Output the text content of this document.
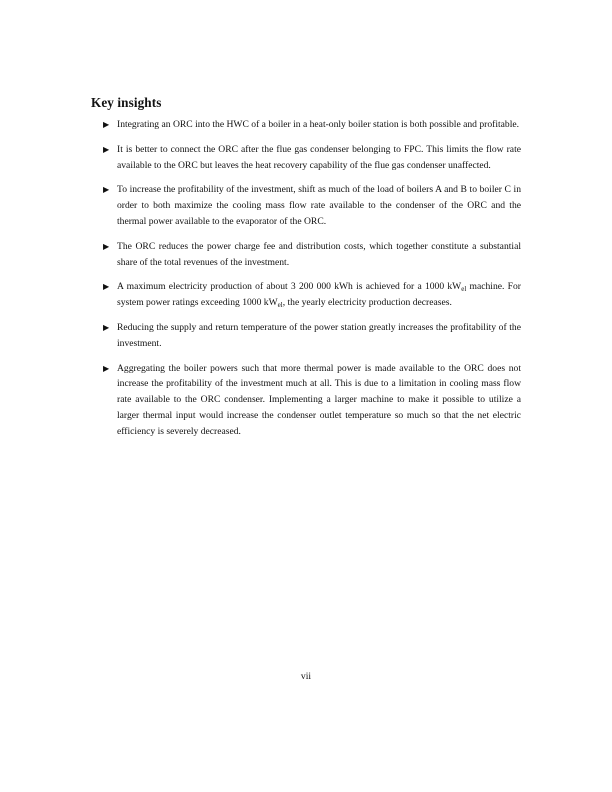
Key insights
▶ Integrating an ORC into the HWC of a boiler in a heat-only boiler station is both possible and profitable.
▶ It is better to connect the ORC after the flue gas condenser belonging to FPC. This limits the flow rate available to the ORC but leaves the heat recovery capability of the flue gas condenser unaffected.
▶ To increase the profitability of the investment, shift as much of the load of boilers A and B to boiler C in order to both maximize the cooling mass flow rate available to the condenser of the ORC and the thermal power available to the evaporator of the ORC.
▶ The ORC reduces the power charge fee and distribution costs, which together constitute a substantial share of the total revenues of the investment.
▶ A maximum electricity production of about 3 200 000 kWh is achieved for a 1000 $kW_{el}$ machine. For system power ratings exceeding 1000 $kW_{el}$, the yearly electricity production decreases.
▶ Reducing the supply and return temperature of the power station greatly increases the profitability of the investment.
▶ Aggregating the boiler powers such that more thermal power is made available to the ORC does not increase the profitability of the investment much at all. This is due to a limitation in cooling mass flow rate available to the ORC condenser. Implementing a larger machine to make it possible to utilize a larger thermal input would increase the condenser outlet temperature so much so that the net electric efficiency is severely decreased.
vii
